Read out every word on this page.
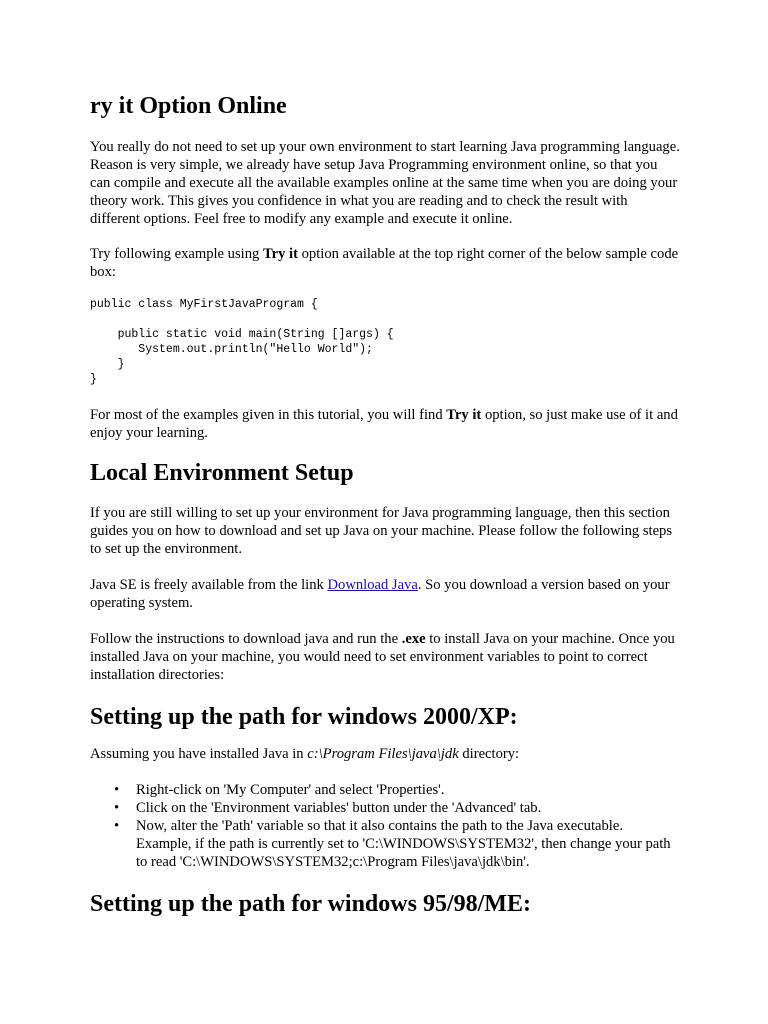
ry it Option Online

You really do not need to set up your own environment to start learning Java programming language. Reason is very simple, we already have setup Java Programming environment online, so that you can compile and execute all the available examples online at the same time when you are doing your theory work. This gives you confidence in what you are reading and to check the result with different options. Feel free to modify any example and execute it online.

Try following example using Try it option available at the top right corner of the below sample code box:

public class MyFirstJavaProgram {

public static void main(String []args) {
System.out.println("Hello World");
}
}

For most of the examples given in this tutorial, you will find Try it option, so just make use of it and enjoy your learning.

Local Environment Setup

If you are still willing to set up your environment for Java programming language, then this section guides you on how to download and set up Java on your machine. Please follow the following steps to set up the environment.

Java SE is freely available from the link Download Java. So you download a version based on your operating system.

Follow the instructions to download java and run the .exe to install Java on your machine. Once you installed Java on your machine, you would need to set environment variables to point to correct installation directories:

Setting up the path for windows 2000/XP:

Assuming you have installed Java in c:\Program Files\java\jdk directory:

• Right-click on 'My Computer' and select 'Properties'.
• Click on the 'Environment variables' button under the 'Advanced' tab.
• Now, alter the 'Path' variable so that it also contains the path to the Java executable. Example, if the path is currently set to 'C:\WINDOWS\SYSTEM32', then change your path to read 'C:\WINDOWS\SYSTEM32;c:\Program Files\java\jdk\bin'.
Setting up the path for windows 95/98/ME:
